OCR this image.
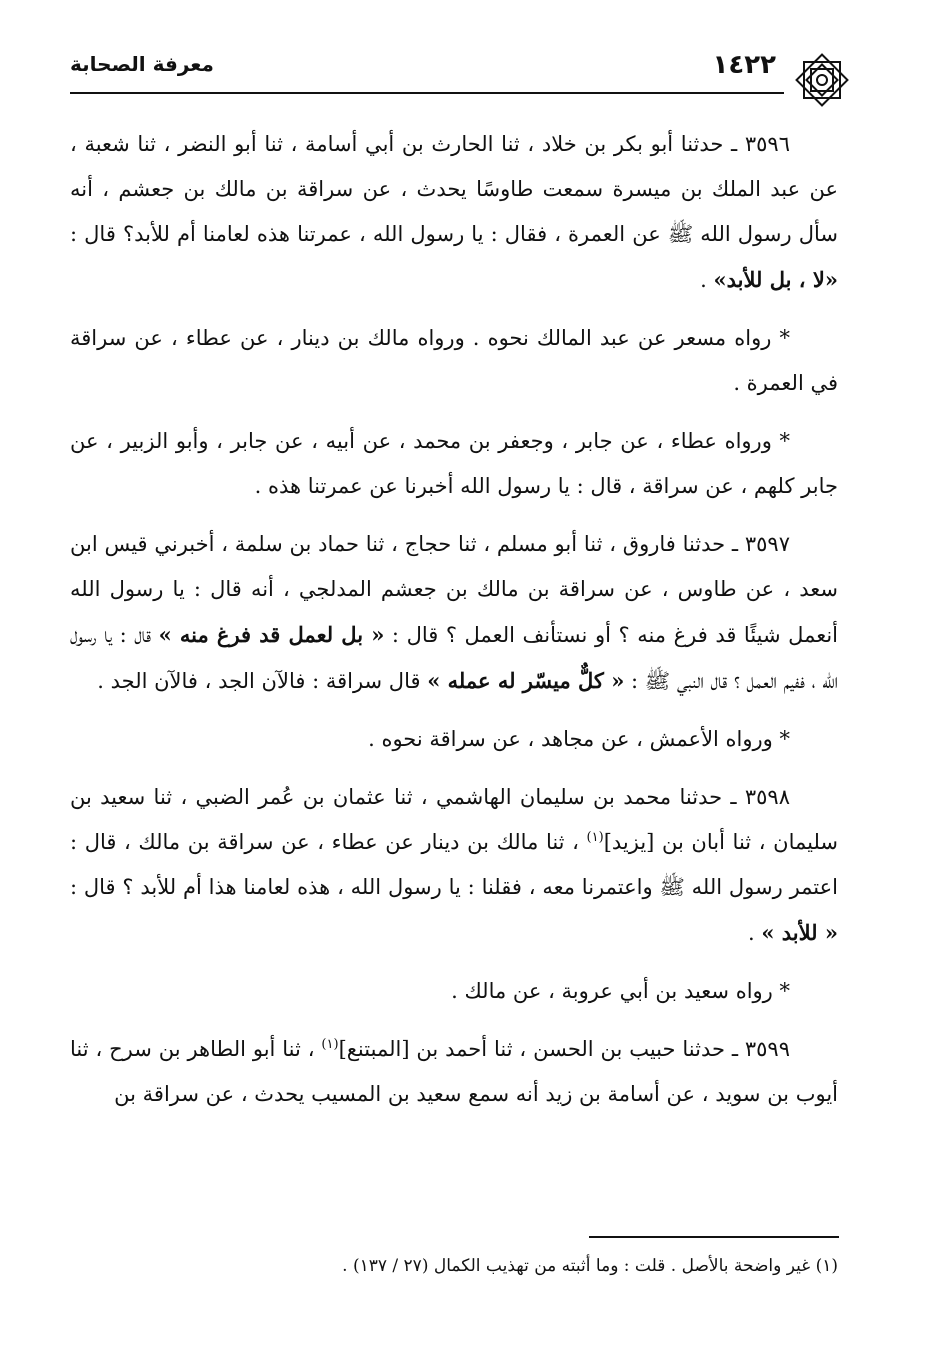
١٤٢٢
معرفة الصحابة

٣٥٩٦ ـ حدثنا أبو بكر بن خلاد ، ثنا الحارث بن أبي أسامة ، ثنا أبو النضر ، ثنا شعبة ، عن عبد الملك بن ميسرة سمعت طاوسًا يحدث ، عن سراقة بن مالك بن جعشم ، أنه سأل رسول الله ﷺ عن العمرة ، فقال : يا رسول الله ، عمرتنا هذه لعامنا أم للأبد؟ قال : «لا ، بل للأبد» .

* رواه مسعر عن عبد المالك نحوه . ورواه مالك بن دينار ، عن عطاء ، عن سراقة في العمرة .

* ورواه عطاء ، عن جابر ، وجعفر بن محمد ، عن أبيه ، عن جابر ، وأبو الزبير ، عن جابر كلهم ، عن سراقة ، قال : يا رسول الله أخبرنا عن عمرتنا هذه .

٣٥٩٧ ـ حدثنا فاروق ، ثنا أبو مسلم ، ثنا حجاج ، ثنا حماد بن سلمة ، أخبرني قيس ابن سعد ، عن طاوس ، عن سراقة بن مالك بن جعشم المدلجي ، أنه قال : يا رسول الله أنعمل شيئًا قد فرغ منه ؟ أو نستأنف العمل ؟ قال : « بل لعمل قد فرغ منه » قال : يا رسول الله ، ففيم العمل ؟ قال النبي ﷺ : « كلٌّ ميسّر له عمله » قال سراقة : فالآن الجد ، فالآن الجد .

* ورواه الأعمش ، عن مجاهد ، عن سراقة نحوه .

٣٥٩٨ ـ حدثنا محمد بن سليمان الهاشمي ، ثنا عثمان بن عُمر الضبي ، ثنا سعيد بن سليمان ، ثنا أبان بن [يزيد]$^{(١)}$ ، ثنا مالك بن دينار عن عطاء ، عن سراقة بن مالك ، قال : اعتمر رسول الله ﷺ واعتمرنا معه ، فقلنا : يا رسول الله ، هذه لعامنا هذا أم للأبد ؟ قال : « للأبد » .

* رواه سعيد بن أبي عروبة ، عن مالك .

٣٥٩٩ ـ حدثنا حبيب بن الحسن ، ثنا أحمد بن [المبتنع]$^{(١)}$ ، ثنا أبو الطاهر بن سرح ، ثنا أيوب بن سويد ، عن أسامة بن زيد أنه سمع سعيد بن المسيب يحدث ، عن سراقة بن

(١) غير واضحة بالأصل . قلت : وما أثبته من تهذيب الكمال (٢٧ / ١٣٧) .
